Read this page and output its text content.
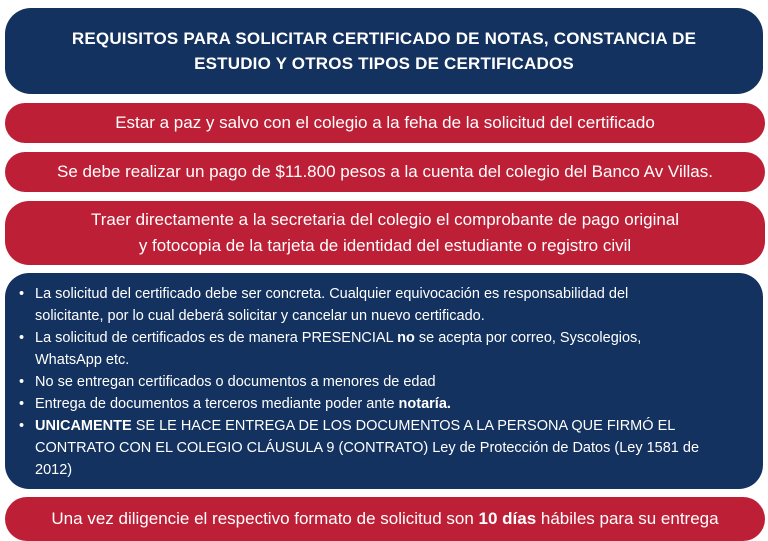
REQUISITOS PARA SOLICITAR CERTIFICADO DE NOTAS, CONSTANCIA DE
ESTUDIO Y OTROS TIPOS DE CERTIFICADOS
Estar a paz y salvo con el colegio a la feha de la solicitud del certificado
Se debe realizar un pago de $11.800 pesos a la cuenta del colegio del Banco Av Villas.
Traer directamente a la secretaria del colegio el comprobante de pago original
y fotocopia de la tarjeta de identidad del estudiante o registro civil
• La solicitud del certificado debe ser concreta. Cualquier equivocación es responsabilidad del
solicitante, por lo cual deberá solicitar y cancelar un nuevo certificado.
• La solicitud de certificados es de manera PRESENCIAL no se acepta por correo, Syscolegios,
WhatsApp etc.
• No se entregan certificados o documentos a menores de edad
• Entrega de documentos a terceros mediante poder ante notaría.
• UNICAMENTE SE LE HACE ENTREGA DE LOS DOCUMENTOS A LA PERSONA QUE FIRMÓ EL
CONTRATO CON EL COLEGIO CLÁUSULA 9 (CONTRATO) Ley de Protección de Datos (Ley 1581 de
2012)
Una vez diligencie el respectivo formato de solicitud son 10 días hábiles para su entrega
